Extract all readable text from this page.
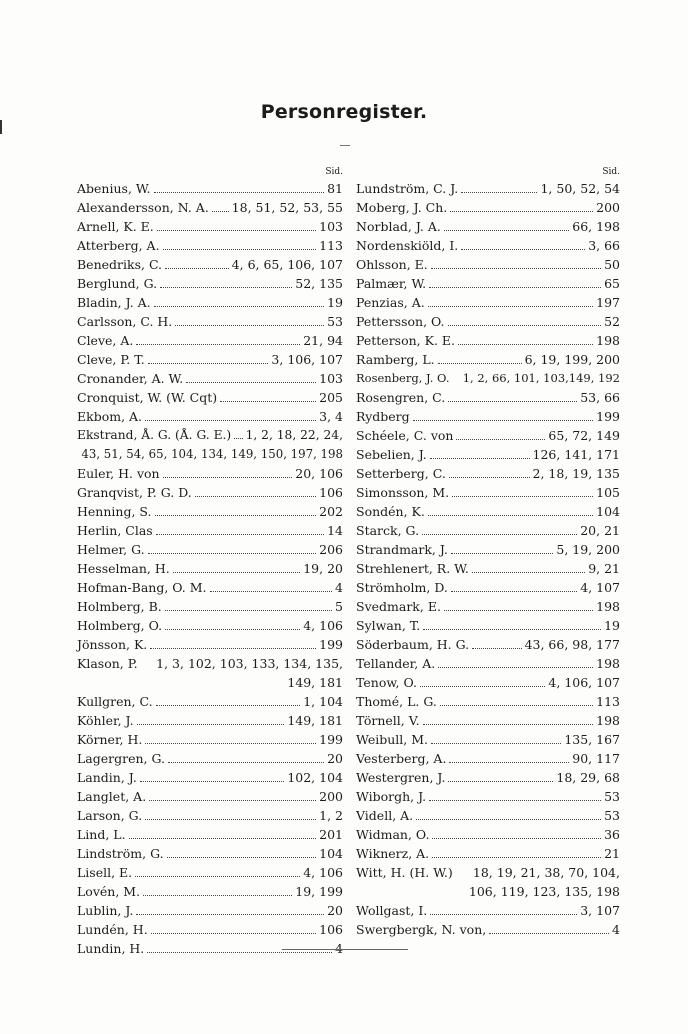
Personregister.
Sid.
Abenius, W.	81
Alexandersson, N. A. 18, 51, 52, 53, 55
Arnell, K. E.	103
Atterberg, A.	113
Benedriks, C.	4, 6, 65, 106, 107
Berglund, G.	52, 135
Bladin, J. A.	19
Carlsson, C. H.	53
Cleve, A.	21, 94
Cleve, P. T.	3, 106, 107
Cronander, A. W.	103
Cronquist, W. (W. Cqt)	205
Ekbom, A.	3, 4
Ekstrand, Å. G. (Å. G. E.) 1, 2, 18, 22, 24,
43, 51, 54, 65, 104, 134, 149, 150, 197, 198
Euler, H. von	20, 106
Granqvist, P. G. D.	106
Henning, S.	202
Herlin, Clas	14
Helmer, G.	206
Hesselman, H.	19, 20
Hofman-Bang, O. M.	4
Holmberg, B.	5
Holmberg, O.	4, 106
Jönsson, K.	199
Klason, P. 1, 3, 102, 103, 133, 134, 135,
149, 181
Kullgren, C.	1, 104
Köhler, J.	149, 181
Körner, H.	199
Lagergren, G.	20
Landin, J.	102, 104
Langlet, A.	200
Larson, G.	1, 2
Lind, L.	201
Lindström, G.	104
Lisell, E.	4, 106
Lovén, M.	19, 199
Lublin, J.	20
Lundén, H.	106
Lundin, H.	4
Sid.
Lundström, C. J.	1, 50, 52, 54
Moberg, J. Ch.	200
Norblad, J. A.	66, 198
Nordenskiöld, I.	3, 66
Ohlsson, E.	50
Palmær, W.	65
Penzias, A.	197
Pettersson, O.	52
Petterson, K. E.	198
Ramberg, L.	6, 19, 199, 200
Rosenberg, J. O. 1, 2, 66, 101, 103,149, 192
Rosengren, C.	53, 66
Rydberg	199
Schéele, C. von	65, 72, 149
Sebelien, J.	126, 141, 171
Setterberg, C.	2, 18, 19, 135
Simonsson, M.	105
Sondén, K.	104
Starck, G.	20, 21
Strandmark, J.	5, 19, 200
Strehlenert, R. W.	9, 21
Strömholm, D.	4, 107
Svedmark, E.	198
Sylwan, T.	19
Söderbaum, H. G.	43, 66, 98, 177
Tellander, A.	198
Tenow, O.	4, 106, 107
Thomé, L. G.	113
Törnell, V.	198
Weibull, M.	135, 167
Vesterberg, A.	90, 117
Westergren, J.	18, 29, 68
Wiborgh, J.	53
Videll, A.	53
Widman, O.	36
Wiknerz, A.	21
Witt, H. (H. W.) 18, 19, 21, 38, 70, 104,
106, 119, 123, 135, 198
Wollgast, I.	3, 107
Swergbergk, N. von,	4
